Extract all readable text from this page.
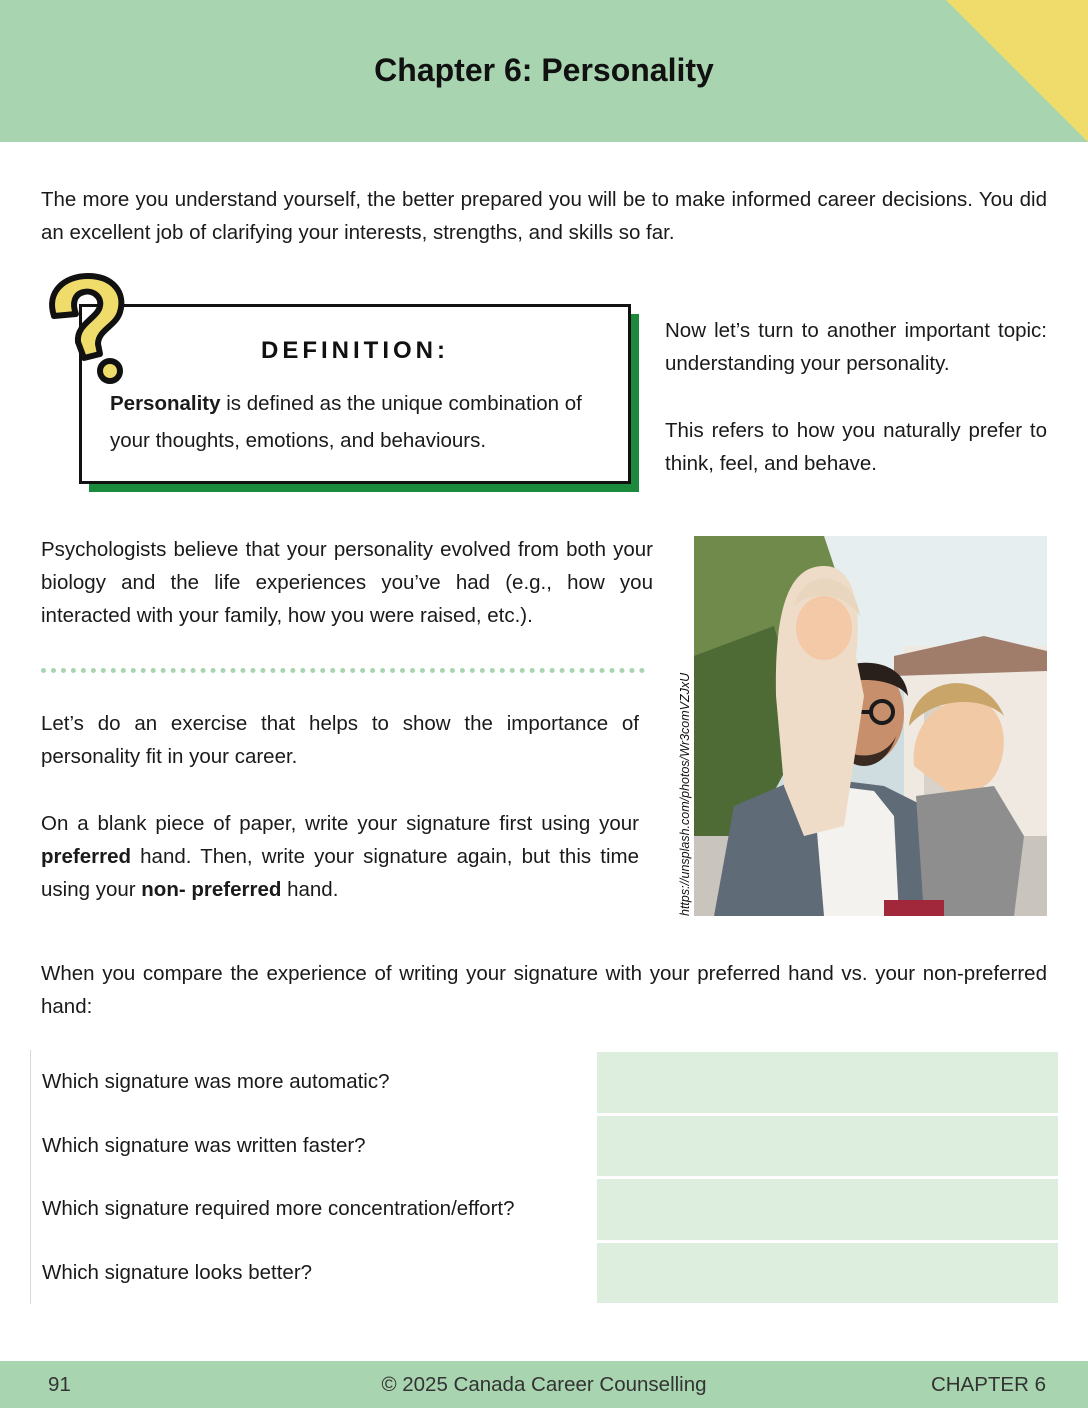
Chapter 6: Personality

The more you understand yourself, the better prepared you will be to make informed career decisions. You did an excellent job of clarifying your interests, strengths, and skills so far.

DEFINITION:

Personality is defined as the unique combination of your thoughts, emotions, and behaviours.

Now let’s turn to another important topic: understanding your personality.

This refers to how you naturally prefer to think, feel, and behave.

Psychologists believe that your personality evolved from both your biology and the life experiences you’ve had (e.g., how you interacted with your family, how you were raised, etc.).

Let’s do an exercise that helps to show the importance of personality fit in your career.

On a blank piece of paper, write your signature first using your preferred hand. Then, write your signature again, but this time using your non- preferred hand.	https://unsplash.com/photos/Wr3comVZJxU

When you compare the experience of writing your signature with your preferred hand vs. your non-preferred hand:

Which signature was more automatic?
Which signature was written faster?
Which signature required more concentration/effort?
Which signature looks better?
91	© 2025 Canada Career Counselling	CHAPTER 6
